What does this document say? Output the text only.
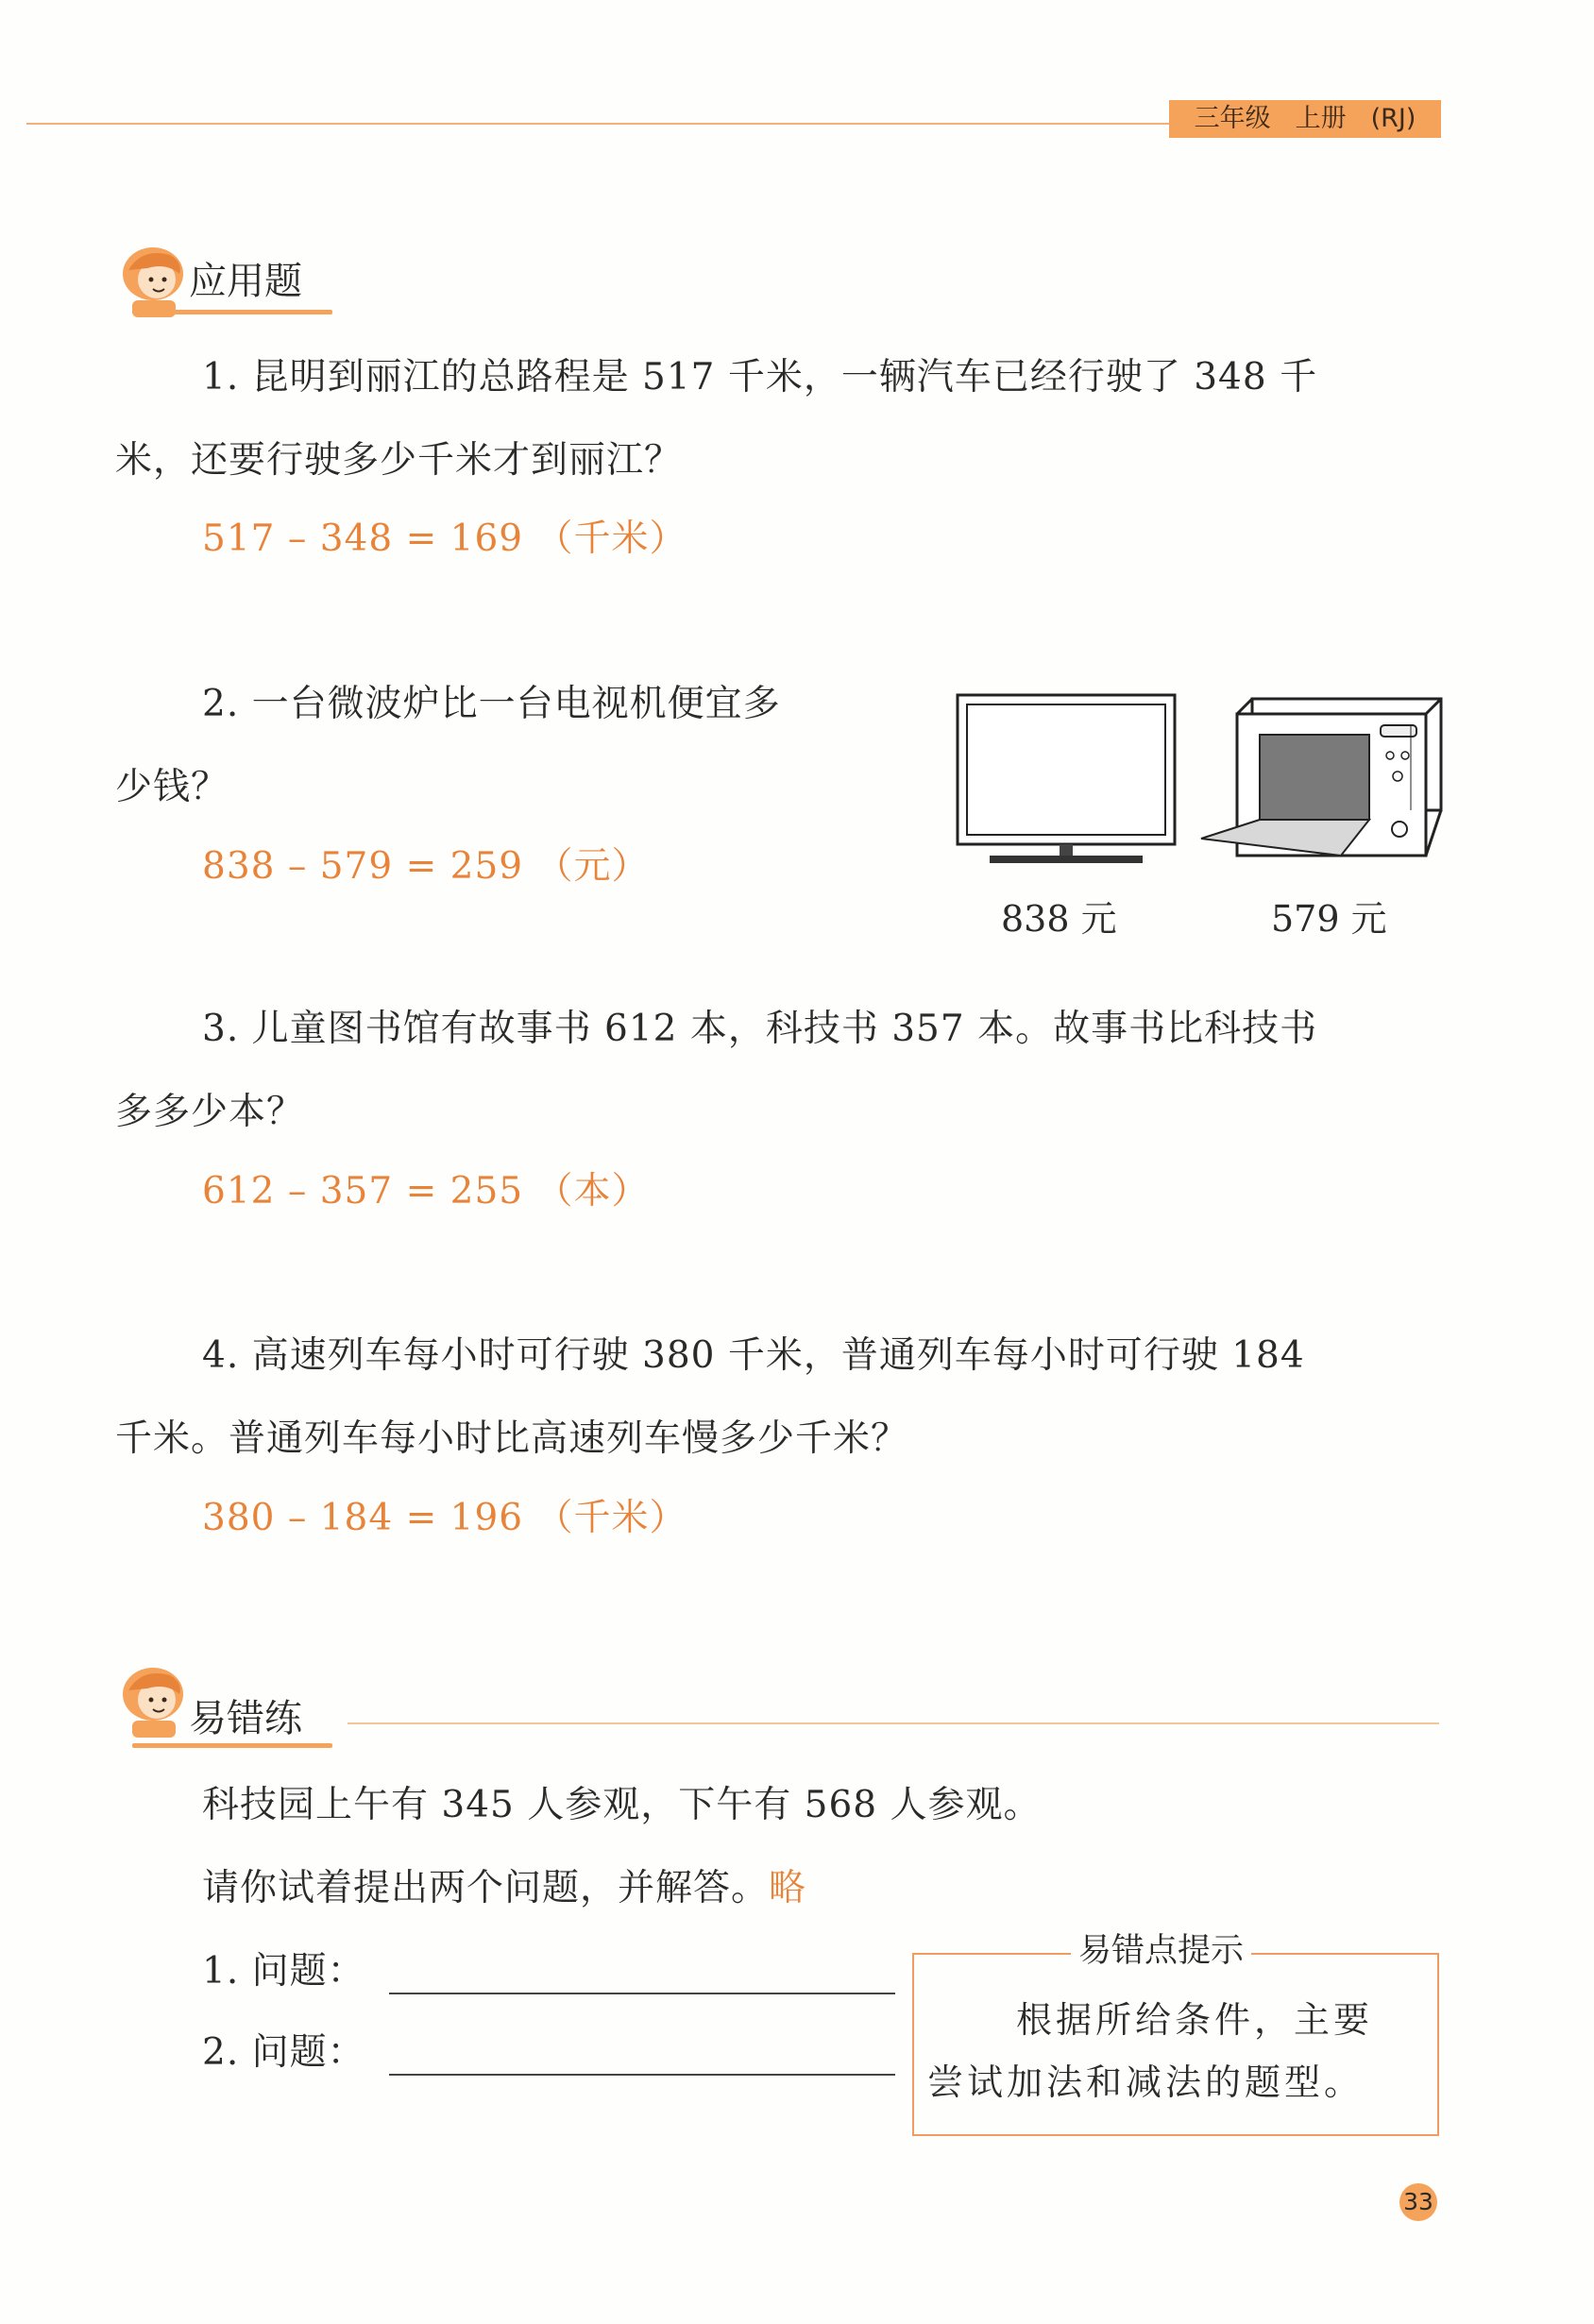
三年级 上册 (RJ)
应用题
1. 昆明到丽江的总路程是 517 千米，一辆汽车已经行驶了 348 千
米，还要行驶多少千米才到丽江？
517 – 348 = 169 （千米）
2. 一台微波炉比一台电视机便宜多
少钱？
838 – 579 = 259 （元）
838 元	579 元
3. 儿童图书馆有故事书 612 本，科技书 357 本。故事书比科技书
多多少本？
612 – 357 = 255 （本）
4. 高速列车每小时可行驶 380 千米，普通列车每小时可行驶 184
千米。普通列车每小时比高速列车慢多少千米？
380 – 184 = 196 （千米）
易错练
科技园上午有 345 人参观，下午有 568 人参观。
请你试着提出两个问题，并解答。略
1. 问题：
2. 问题：
易错点提示
根据所给条件，主要
尝试加法和减法的题型。
33
